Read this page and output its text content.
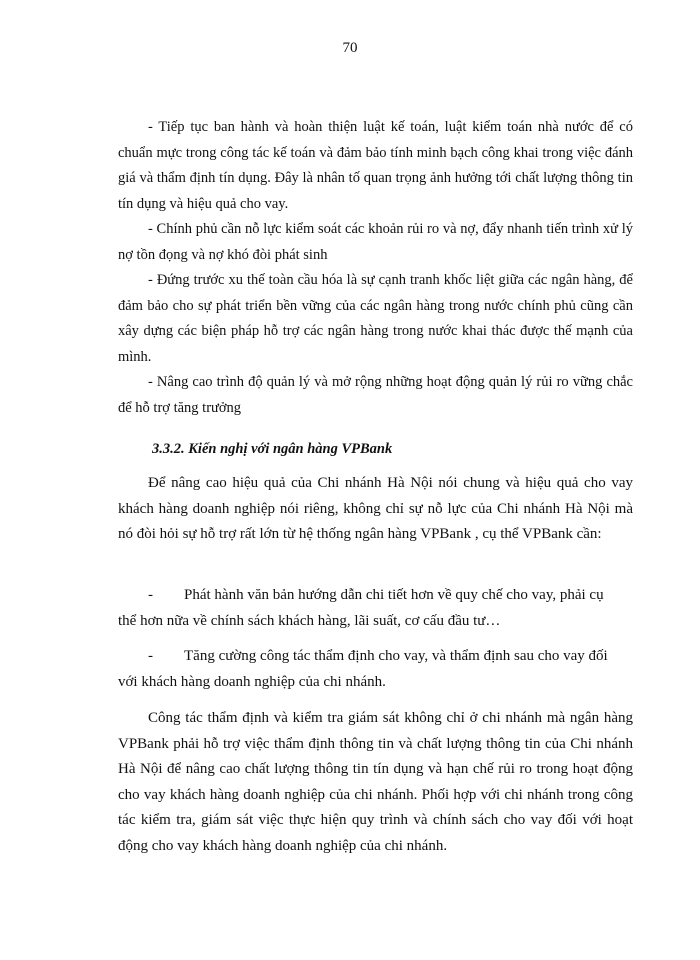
70

- Tiếp tục ban hành và hoàn thiện luật kế toán, luật kiểm toán nhà nước để có chuẩn mực trong công tác kế toán và đảm bảo tính minh bạch công khai trong việc đánh giá và thẩm định tín dụng. Đây là nhân tố quan trọng ảnh hưởng tới chất lượng thông tin tín dụng và hiệu quả cho vay.

- Chính phủ cần nỗ lực kiểm soát các khoản rủi ro và nợ, đẩy nhanh tiến trình xử lý nợ tồn đọng và nợ khó đòi phát sinh

- Đứng trước xu thế toàn cầu hóa là sự cạnh tranh khốc liệt giữa các ngân hàng, để đảm bảo cho sự phát triển bền vững của các ngân hàng trong nước chính phủ cũng cần xây dựng các biện pháp hỗ trợ các ngân hàng trong nước khai thác được thế mạnh của mình.

- Nâng cao trình độ quản lý và mở rộng những hoạt động quản lý rủi ro vững chắc để hỗ trợ tăng trưởng

3.3.2. Kiến nghị với ngân hàng VPBank

Để nâng cao hiệu quả của Chi nhánh Hà Nội nói chung và hiệu quả cho vay khách hàng doanh nghiệp nói riêng, không chỉ sự nỗ lực của Chi nhánh Hà Nội mà nó đòi hỏi sự hỗ trợ rất lớn từ hệ thống ngân hàng VPBank , cụ thể VPBank cần:

-	Phát hành văn bản hướng dẫn chi tiết hơn về quy chế cho vay, phải cụ
thể hơn nữa về chính sách khách hàng, lãi suất, cơ cấu đầu tư…
-	Tăng cường công tác thẩm định cho vay, và thẩm định sau cho vay đối
với khách hàng doanh nghiệp của chi nhánh.

Công tác thẩm định và kiểm tra giám sát không chỉ ở chi nhánh mà ngân hàng VPBank phải hỗ trợ việc thẩm định thông tin và chất lượng thông tin của Chi nhánh Hà Nội để nâng cao chất lượng thông tin tín dụng và hạn chế rủi ro trong hoạt động cho vay khách hàng doanh nghiệp của chi nhánh. Phối hợp với chi nhánh trong công tác kiểm tra, giám sát việc thực hiện quy trình và chính sách cho vay đối với hoạt động cho vay khách hàng doanh nghiệp của chi nhánh.
